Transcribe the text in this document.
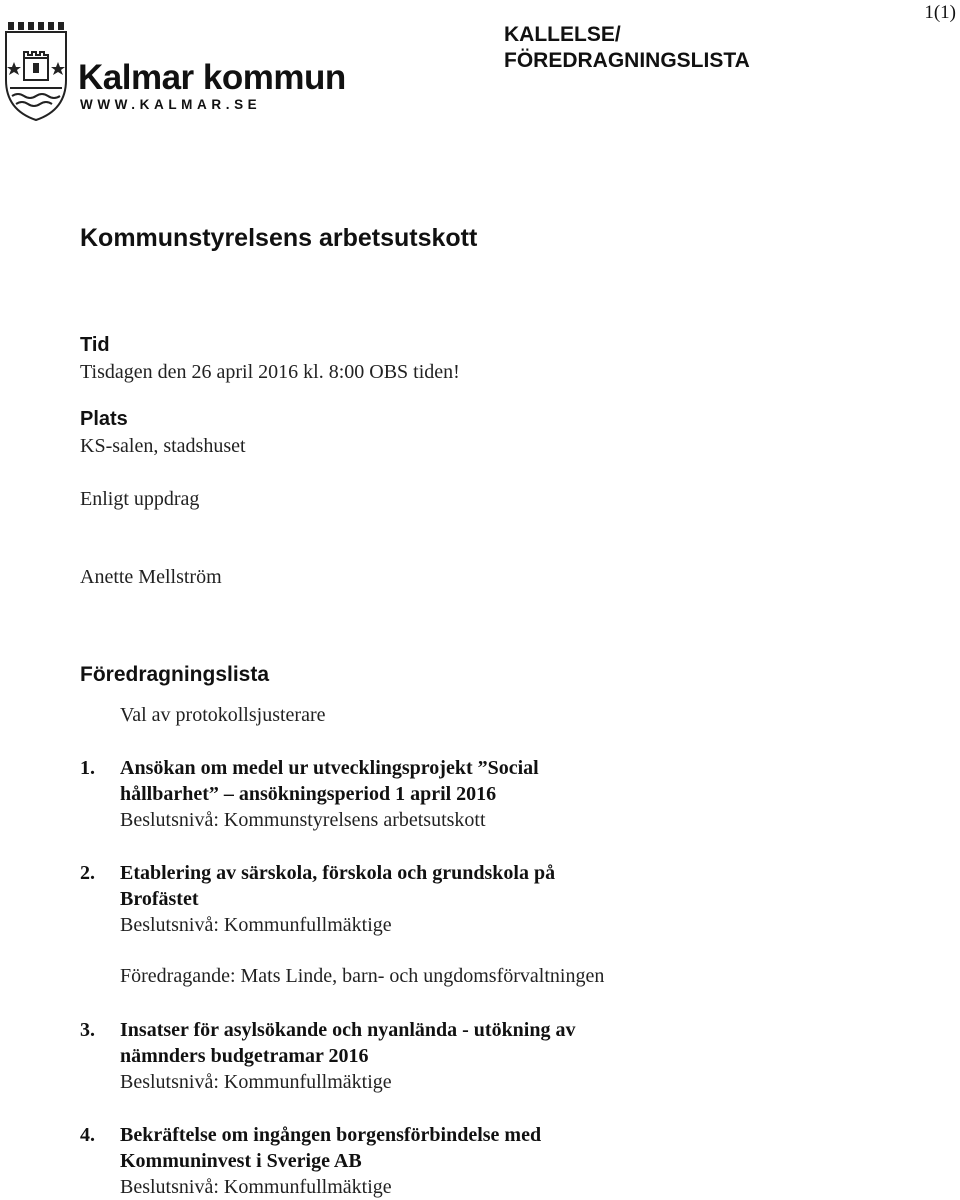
1(1)
Kalmar kommun
WWW.KALMAR.SE
KALLELSE/
FÖREDRAGNINGSLISTA
Kommunstyrelsens arbetsutskott
Tid
Tisdagen den 26 april 2016 kl. 8:00 OBS tiden!
Plats
KS-salen, stadshuset
Enligt uppdrag
Anette Mellström
Föredragningslista
Val av protokollsjusterare
1. Ansökan om medel ur utvecklingsprojekt ”Social
hållbarhet” – ansökningsperiod 1 april 2016
Beslutsnivå: Kommunstyrelsens arbetsutskott
2. Etablering av särskola, förskola och grundskola på
Brofästet
Beslutsnivå: Kommunfullmäktige
Föredragande: Mats Linde, barn- och ungdomsförvaltningen
3. Insatser för asylsökande och nyanlända - utökning av
nämnders budgetramar 2016
Beslutsnivå: Kommunfullmäktige
4. Bekräftelse om ingången borgensförbindelse med
Kommuninvest i Sverige AB
Beslutsnivå: Kommunfullmäktige
